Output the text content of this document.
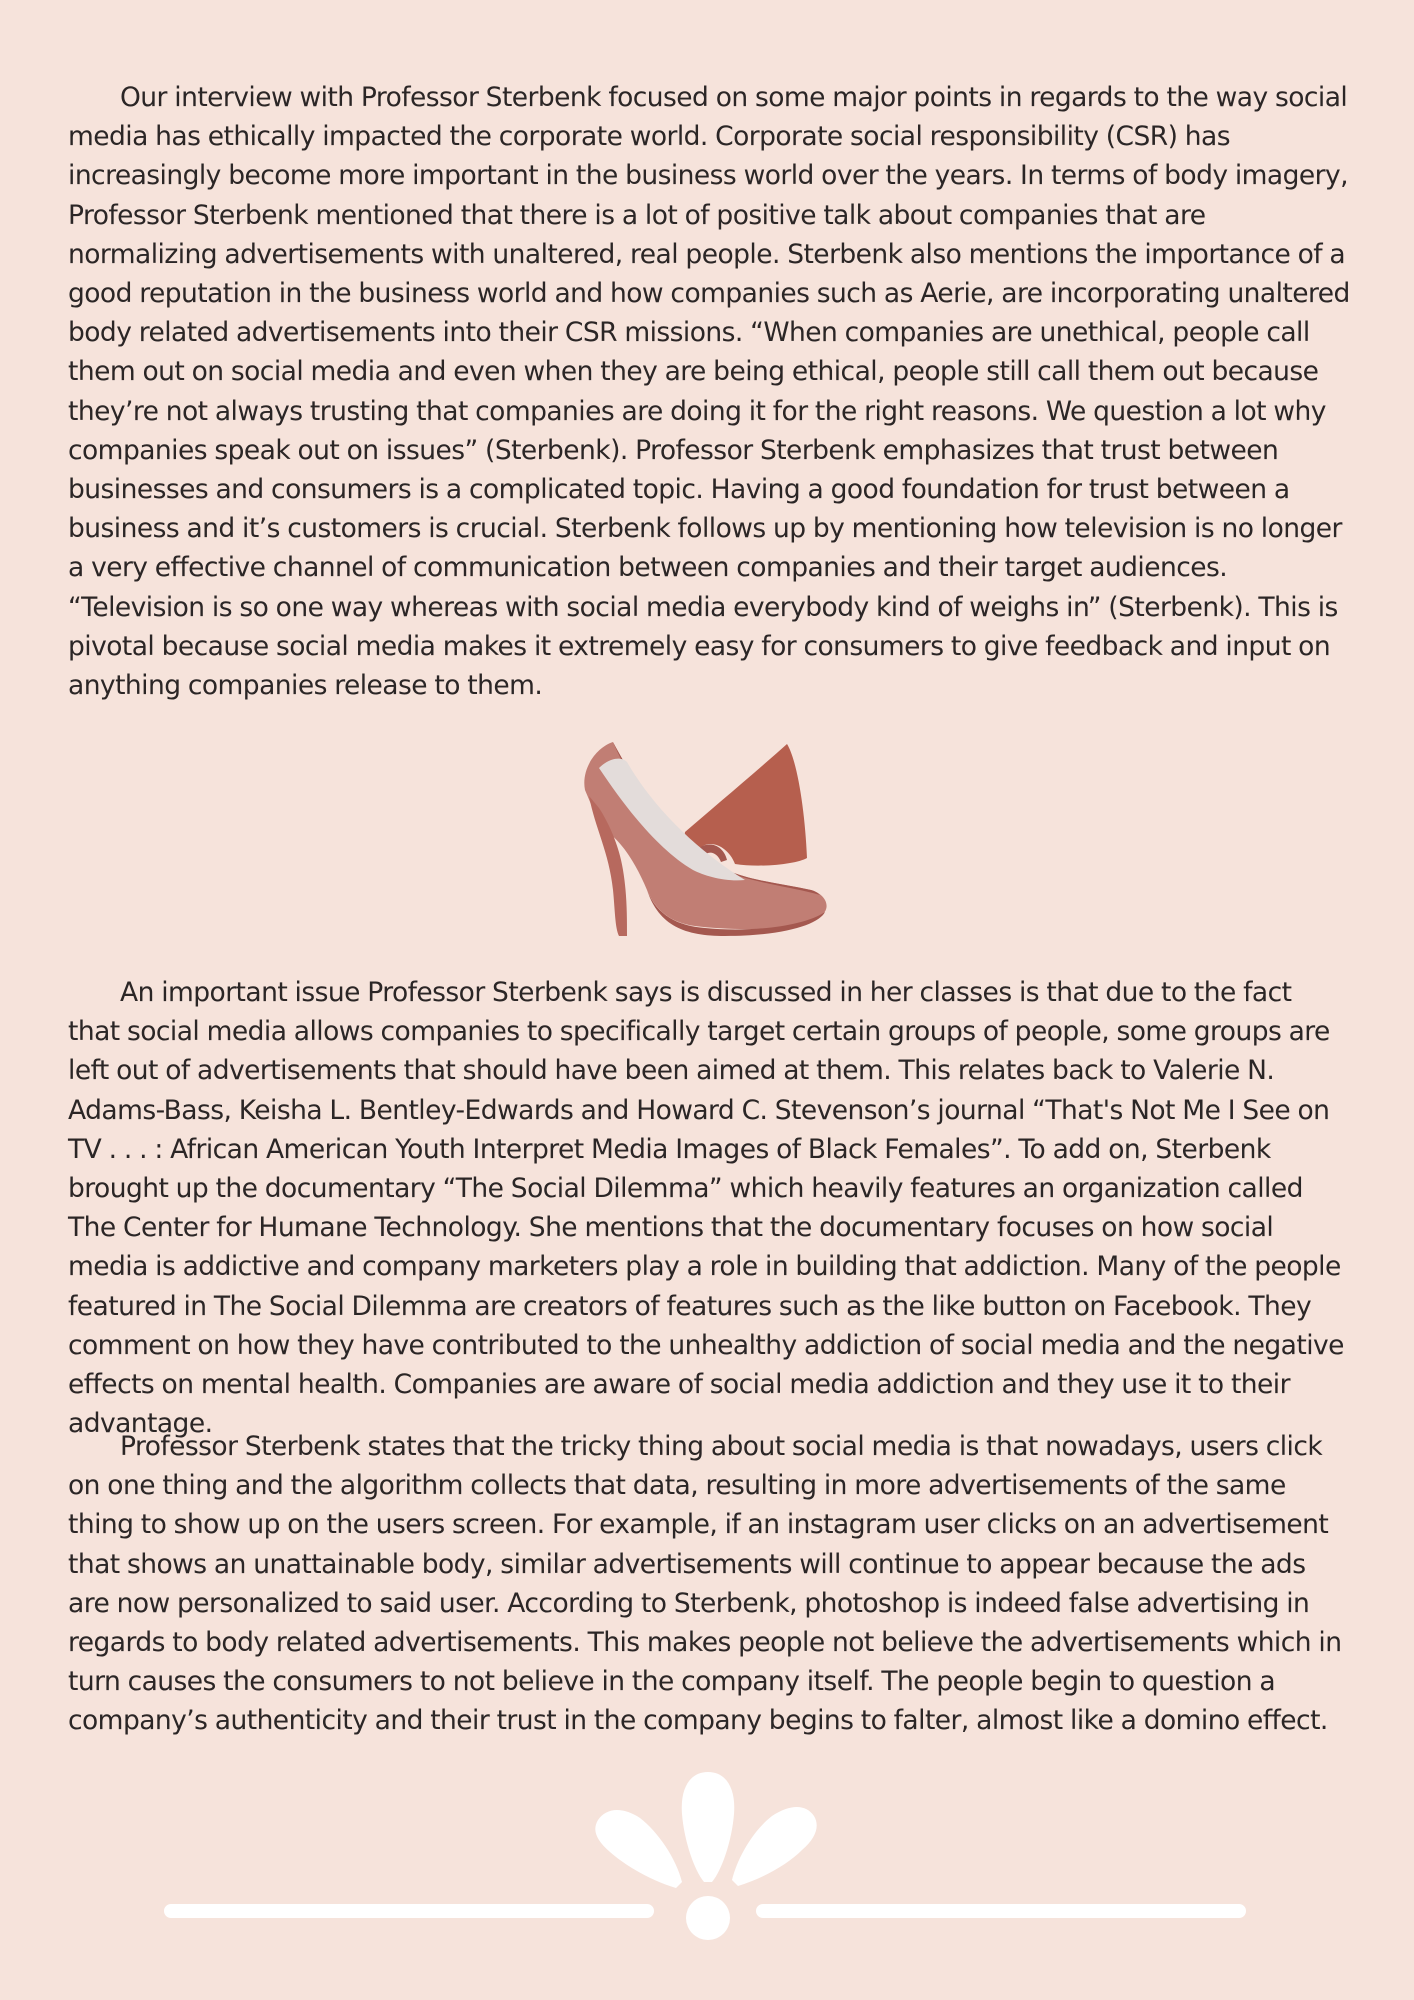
Our interview with Professor Sterbenk focused on some major points in regards to the way social media has ethically impacted the corporate world. Corporate social responsibility (CSR) has increasingly become more important in the business world over the years. In terms of body imagery, Professor Sterbenk mentioned that there is a lot of positive talk about companies that are normalizing advertisements with unaltered, real people. Sterbenk also mentions the importance of a good reputation in the business world and how companies such as Aerie, are incorporating unaltered body related advertisements into their CSR missions. “When companies are unethical, people call them out on social media and even when they are being ethical, people still call them out because they’re not always trusting that companies are doing it for the right reasons. We question a lot why companies speak out on issues” (Sterbenk). Professor Sterbenk emphasizes that trust between businesses and consumers is a complicated topic. Having a good foundation for trust between a business and it’s customers is crucial. Sterbenk follows up by mentioning how television is no longer a very effective channel of communication between companies and their target audiences. “Television is so one way whereas with social media everybody kind of weighs in” (Sterbenk). This is pivotal because social media makes it extremely easy for consumers to give feedback and input on anything companies release to them.

An important issue Professor Sterbenk says is discussed in her classes is that due to the fact that social media allows companies to specifically target certain groups of people, some groups are left out of advertisements that should have been aimed at them. This relates back to Valerie N. Adams-Bass, Keisha L. Bentley-Edwards and Howard C. Stevenson’s journal “That's Not Me I See on TV . . . : African American Youth Interpret Media Images of Black Females”. To add on, Sterbenk brought up the documentary “The Social Dilemma” which heavily features an organization called The Center for Humane Technology. She mentions that the documentary focuses on how social media is addictive and company marketers play a role in building that addiction. Many of the people featured in The Social Dilemma are creators of features such as the like button on Facebook. They comment on how they have contributed to the unhealthy addiction of social media and the negative effects on mental health. Companies are aware of social media addiction and they use it to their advantage.

Professor Sterbenk states that the tricky thing about social media is that nowadays, users click on one thing and the algorithm collects that data, resulting in more advertisements of the same thing to show up on the users screen. For example, if an instagram user clicks on an advertisement that shows an unattainable body, similar advertisements will continue to appear because the ads are now personalized to said user. According to Sterbenk, photoshop is indeed false advertising in regards to body related advertisements. This makes people not believe the advertisements which in turn causes the consumers to not believe in the company itself. The people begin to question a company’s authenticity and their trust in the company begins to falter, almost like a domino effect.
